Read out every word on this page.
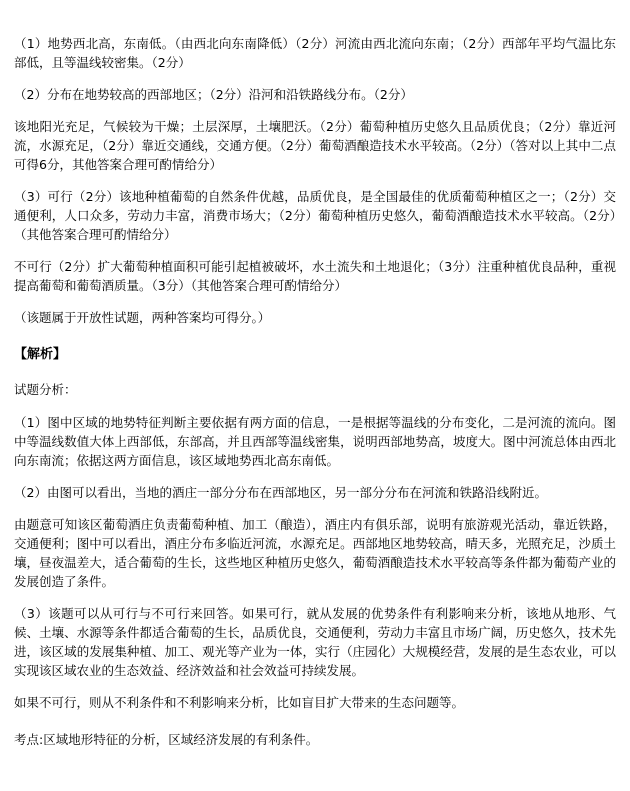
（1）地势西北高，东南低。（由西北向东南降低）（2分）河流由西北流向东南；（2分）西部年平均气温比东部低，且等温线较密集。（2分）

（2）分布在地势较高的西部地区；（2分）沿河和沿铁路线分布。（2分）

该地阳光充足，气候较为干燥；土层深厚，土壤肥沃。（2分）葡萄种植历史悠久且品质优良；（2分）靠近河流，水源充足，（2分）靠近交通线，交通方便。（2分）葡萄酒酿造技术水平较高。（2分）（答对以上其中二点可得6分，其他答案合理可酌情给分）

（3）可行（2分）该地种植葡萄的自然条件优越，品质优良，是全国最佳的优质葡萄种植区之一；（2分）交通便利，人口众多，劳动力丰富，消费市场大；（2分）葡萄种植历史悠久，葡萄酒酿造技术水平较高。（2分）（其他答案合理可酌情给分）

不可行（2分）扩大葡萄种植面积可能引起植被破坏，水土流失和土地退化；（3分）注重种植优良品种，重视提高葡萄和葡萄酒质量。（3分）（其他答案合理可酌情给分）

（该题属于开放性试题，两种答案均可得分。）

【解析】

试题分析：

（1）图中区域的地势特征判断主要依据有两方面的信息，一是根据等温线的分布变化，二是河流的流向。图中等温线数值大体上西部低，东部高，并且西部等温线密集，说明西部地势高，坡度大。图中河流总体由西北向东南流；依据这两方面信息，该区域地势西北高东南低。

（2）由图可以看出，当地的酒庄一部分分布在西部地区，另一部分分布在河流和铁路沿线附近。

由题意可知该区葡萄酒庄负责葡萄种植、加工（酿造），酒庄内有俱乐部，说明有旅游观光活动，靠近铁路，交通便利；图中可以看出，酒庄分布多临近河流，水源充足。西部地区地势较高，晴天多，光照充足，沙质土壤，昼夜温差大，适合葡萄的生长，这些地区种植历史悠久，葡萄酒酿造技术水平较高等条件都为葡萄产业的发展创造了条件。

（3）该题可以从可行与不可行来回答。如果可行，就从发展的优势条件有利影响来分析，该地从地形、气候、土壤、水源等条件都适合葡萄的生长，品质优良，交通便利，劳动力丰富且市场广阔，历史悠久，技术先进，该区域的发展集种植、加工、观光等产业为一体，实行（庄园化）大规模经营，发展的是生态农业，可以实现该区域农业的生态效益、经济效益和社会效益可持续发展。

如果不可行，则从不利条件和不利影响来分析，比如盲目扩大带来的生态问题等。

考点:区域地形特征的分析，区域经济发展的有利条件。
